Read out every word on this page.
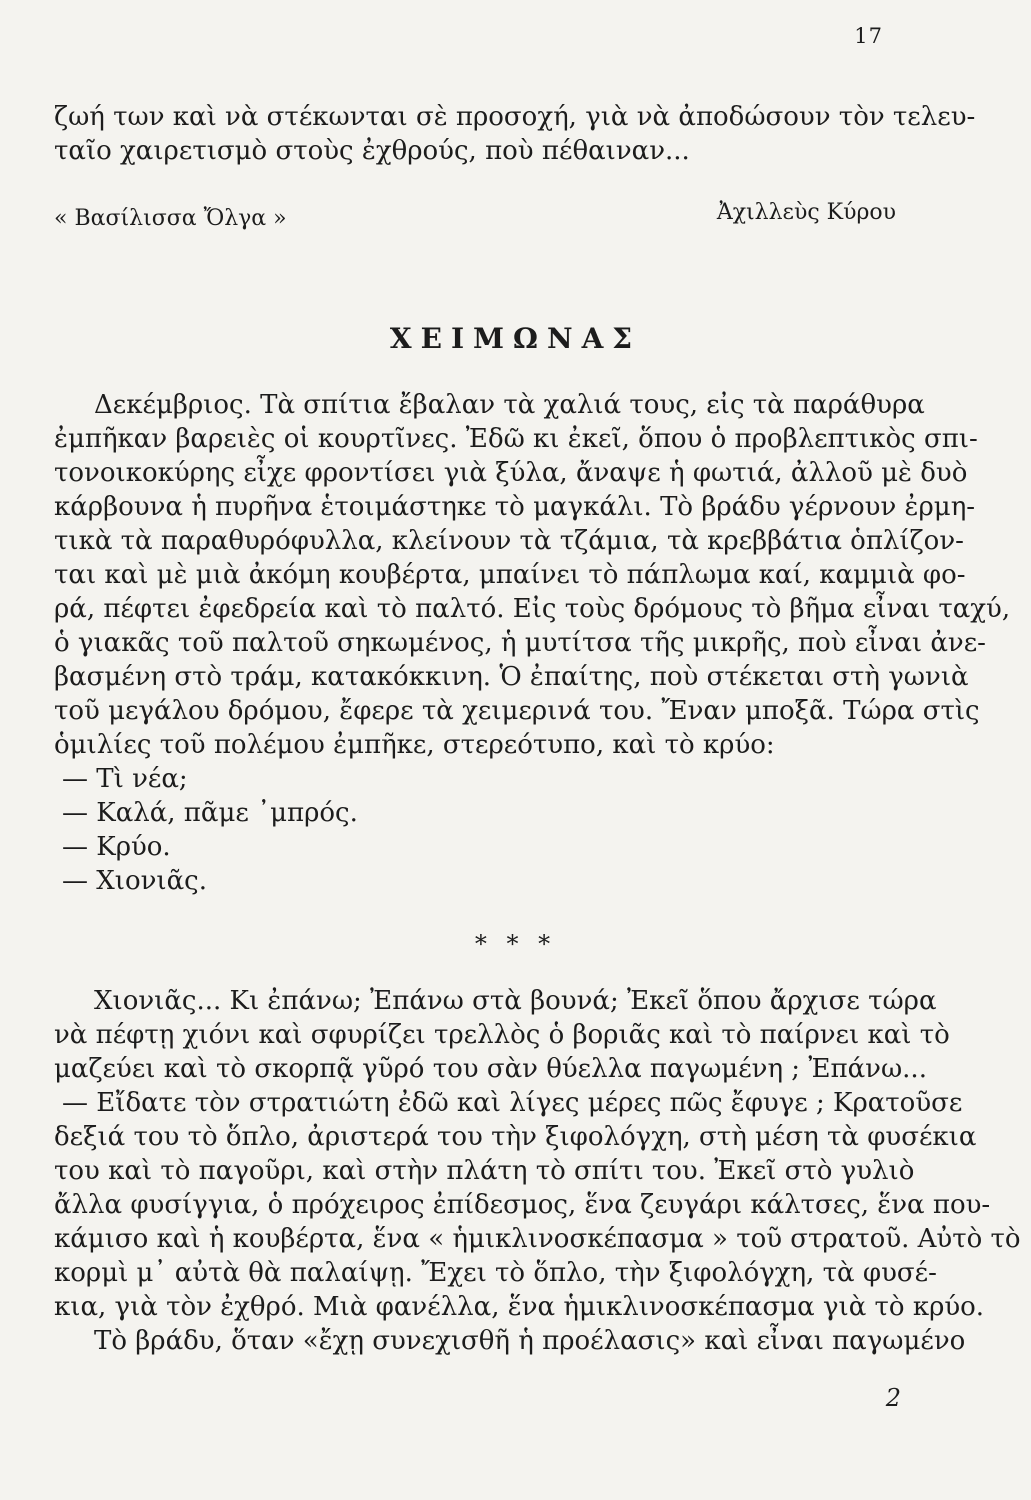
17
ζωή των καὶ νὰ στέκωνται σὲ προσοχή, γιὰ νὰ ἀποδώσουν τὸν τελευ-
ταῖο χαιρετισμὸ στοὺς ἐχθρούς, ποὺ πέθαιναν...
« Βασίλισσα Ὄλγα »	Ἀχιλλεὺς Κύρου
ΧΕΙΜΩΝΑΣ
Δεκέμβριος. Τὰ σπίτια ἔβαλαν τὰ χαλιά τους, εἰς τὰ παράθυρα
ἐμπῆκαν βαρειὲς οἱ κουρτῖνες. Ἐδῶ κι ἐκεῖ, ὅπου ὁ προβλεπτικὸς σπι-
τονοικοκύρης εἶχε φροντίσει γιὰ ξύλα, ἄναψε ἡ φωτιά, ἀλλοῦ μὲ δυὸ
κάρβουνα ἡ πυρῆνα ἑτοιμάστηκε τὸ μαγκάλι. Τὸ βράδυ γέρνουν ἐρμη-
τικὰ τὰ παραθυρόφυλλα, κλείνουν τὰ τζάμια, τὰ κρεββάτια ὁπλίζον-
ται καὶ μὲ μιὰ ἀκόμη κουβέρτα, μπαίνει τὸ πάπλωμα καί, καμμιὰ φο-
ρά, πέφτει ἐφεδρεία καὶ τὸ παλτό. Εἰς τοὺς δρόμους τὸ βῆμα εἶναι ταχύ,
ὁ γιακᾶς τοῦ παλτοῦ σηκωμένος, ἡ μυτίτσα τῆς μικρῆς, ποὺ εἶναι ἀνε-
βασμένη στὸ τράμ, κατακόκκινη. Ὁ ἐπαίτης, ποὺ στέκεται στὴ γωνιὰ
τοῦ μεγάλου δρόμου, ἔφερε τὰ χειμερινά του. Ἔναν μποξᾶ. Τώρα στὶς
ὁμιλίες τοῦ πολέμου ἐμπῆκε, στερεότυπο, καὶ τὸ κρύο:
— Τὶ νέα;
— Καλά, πᾶμε ᾽μπρός.
— Κρύο.
— Χιονιᾶς.
* * *
Χιονιᾶς... Κι ἐπάνω; Ἐπάνω στὰ βουνά; Ἐκεῖ ὅπου ἄρχισε τώρα
νὰ πέφτῃ χιόνι καὶ σφυρίζει τρελλὸς ὁ βοριᾶς καὶ τὸ παίρνει καὶ τὸ
μαζεύει καὶ τὸ σκορπᾷ γῦρό του σὰν θύελλα παγωμένη ; Ἐπάνω...
— Εἴδατε τὸν στρατιώτη ἐδῶ καὶ λίγες μέρες πῶς ἔφυγε ; Κρατοῦσε
δεξιά του τὸ ὅπλο, ἀριστερά του τὴν ξιφολόγχη, στὴ μέση τὰ φυσέκια
του καὶ τὸ παγοῦρι, καὶ στὴν πλάτη τὸ σπίτι του. Ἐκεῖ στὸ γυλιὸ
ἄλλα φυσίγγια, ὁ πρόχειρος ἐπίδεσμος, ἕνα ζευγάρι κάλτσες, ἕνα που-
κάμισο καὶ ἡ κουβέρτα, ἕνα « ἡμικλινοσκέπασμα » τοῦ στρατοῦ. Αὐτὸ τὸ
κορμὶ μ᾽ αὐτὰ θὰ παλαίψῃ. Ἔχει τὸ ὅπλο, τὴν ξιφολόγχη, τὰ φυσέ-
κια, γιὰ τὸν ἐχθρό. Μιὰ φανέλλα, ἕνα ἡμικλινοσκέπασμα γιὰ τὸ κρύο.
Τὸ βράδυ, ὅταν «ἔχῃ συνεχισθῆ ἡ προέλασις» καὶ εἶναι παγωμένο
2
